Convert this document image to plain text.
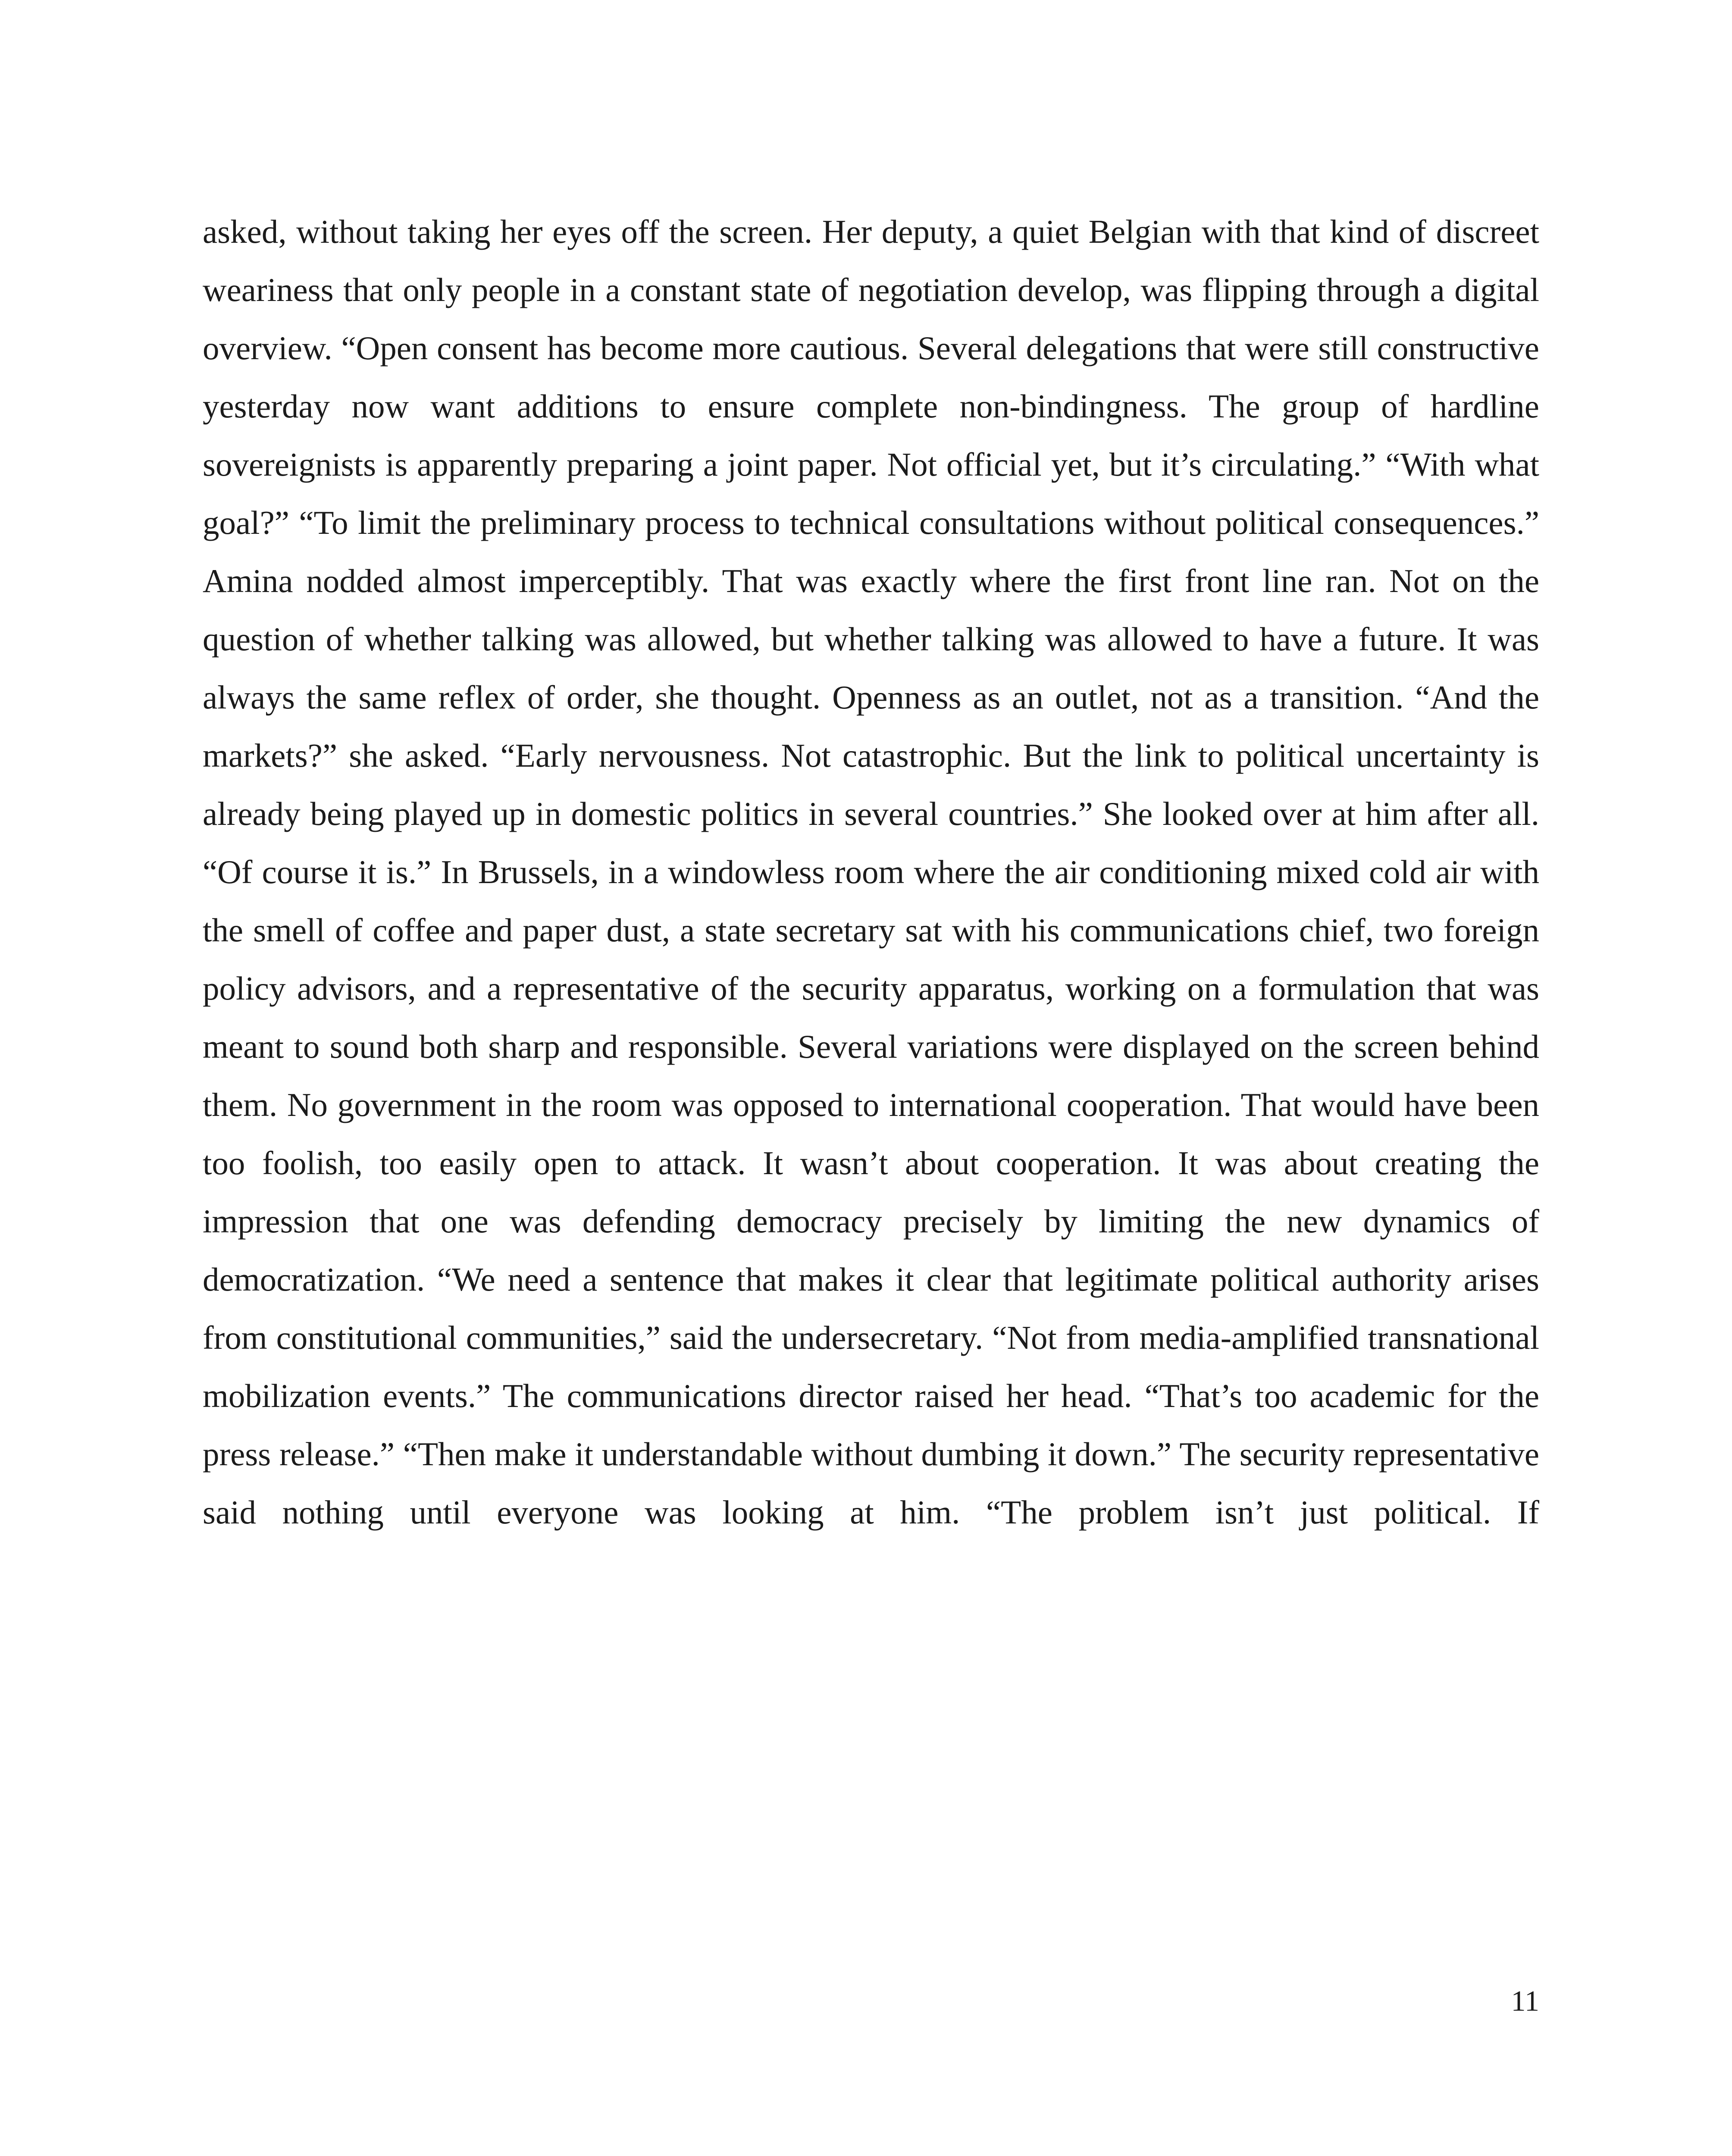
asked, without taking her eyes off the screen. Her deputy, a quiet Belgian with that kind of discreet weariness that only people in a constant state of negotiation develop, was flipping through a digital overview. “Open consent has become more cautious. Several delegations that were still constructive yesterday now want additions to ensure complete non-bindingness. The group of hardline sovereignists is apparently preparing a joint paper. Not official yet, but it’s circulating.” “With what goal?” “To limit the preliminary process to technical consultations without political consequences.” Amina nodded almost imperceptibly. That was exactly where the first front line ran. Not on the question of whether talking was allowed, but whether talking was allowed to have a future. It was always the same reflex of order, she thought. Openness as an outlet, not as a transition. “And the markets?” she asked. “Early nervousness. Not catastrophic. But the link to political uncertainty is already being played up in domestic politics in several countries.” She looked over at him after all. “Of course it is.” In Brussels, in a windowless room where the air conditioning mixed cold air with the smell of coffee and paper dust, a state secretary sat with his communications chief, two foreign policy advisors, and a representative of the security apparatus, working on a formulation that was meant to sound both sharp and responsible. Several variations were displayed on the screen behind them. No government in the room was opposed to international cooperation. That would have been too foolish, too easily open to attack. It wasn’t about cooperation. It was about creating the impression that one was defending democracy precisely by limiting the new dynamics of democratization. “We need a sentence that makes it clear that legitimate political authority arises from constitutional communities,” said the undersecretary. “Not from media-amplified transnational mobilization events.” The communications director raised her head. “That’s too academic for the press release.” “Then make it understandable without dumbing it down.” The security representative said nothing until everyone was looking at him. “The problem isn’t just political. If

11
